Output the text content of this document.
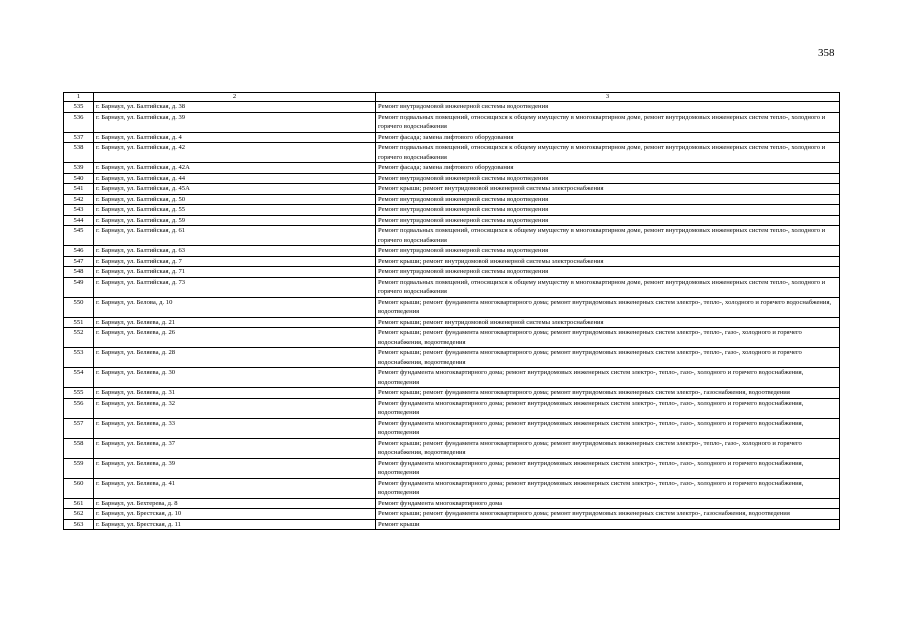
358
1	2	3
535	г. Барнаул, ул. Балтийская, д. 38	Ремонт внутридомовой инженерной системы водоотведения
536	г. Барнаул, ул. Балтийская, д. 39	Ремонт подвальных помещений, относящихся к общему имуществу в многоквартирном доме, ремонт внутридомовых инженерных систем тепло-, холодного и горячего водоснабжения
537	г. Барнаул, ул. Балтийская, д. 4	Ремонт фасада; замена лифтового оборудования
538	г. Барнаул, ул. Балтийская, д. 42	Ремонт подвальных помещений, относящихся к общему имуществу в многоквартирном доме, ремонт внутридомовых инженерных систем тепло-, холодного и горячего водоснабжения
539	г. Барнаул, ул. Балтийская, д. 42А	Ремонт фасада; замена лифтового оборудования
540	г. Барнаул, ул. Балтийская, д. 44	Ремонт внутридомовой инженерной системы водоотведения
541	г. Барнаул, ул. Балтийская, д. 45А	Ремонт крыши; ремонт внутридомовой инженерной системы электроснабжения
542	г. Барнаул, ул. Балтийская, д. 50	Ремонт внутридомовой инженерной системы водоотведения
543	г. Барнаул, ул. Балтийская, д. 55	Ремонт внутридомовой инженерной системы водоотведения
544	г. Барнаул, ул. Балтийская, д. 59	Ремонт внутридомовой инженерной системы водоотведения
545	г. Барнаул, ул. Балтийская, д. 61	Ремонт подвальных помещений, относящихся к общему имуществу в многоквартирном доме, ремонт внутридомовых инженерных систем тепло-, холодного и горячего водоснабжения
546	г. Барнаул, ул. Балтийская, д. 63	Ремонт внутридомовой инженерной системы водоотведения
547	г. Барнаул, ул. Балтийская, д. 7	Ремонт крыши; ремонт внутридомовой инженерной системы электроснабжения
548	г. Барнаул, ул. Балтийская, д. 71	Ремонт внутридомовой инженерной системы водоотведения
549	г. Барнаул, ул. Балтийская, д. 73	Ремонт подвальных помещений, относящихся к общему имуществу в многоквартирном доме, ремонт внутридомовых инженерных систем тепло-, холодного и горячего водоснабжения
550	г. Барнаул, ул. Белова, д. 10	Ремонт крыши; ремонт фундамента многоквартирного дома; ремонт внутридомовых инженерных систем электро-, тепло-, холодного и горячего водоснабжения, водоотведения
551	г. Барнаул, ул. Беляева, д. 21	Ремонт крыши; ремонт внутридомовой инженерной системы электроснабжения
552	г. Барнаул, ул. Беляева, д. 26	Ремонт крыши; ремонт фундамента многоквартирного дома; ремонт внутридомовых инженерных систем электро-, тепло-, газо-, холодного и горячего водоснабжения, водоотведения
553	г. Барнаул, ул. Беляева, д. 28	Ремонт крыши; ремонт фундамента многоквартирного дома; ремонт внутридомовых инженерных систем электро-, тепло-, газо-, холодного и горячего водоснабжения, водоотведения
554	г. Барнаул, ул. Беляева, д. 30	Ремонт фундамента многоквартирного дома; ремонт внутридомовых инженерных систем электро-, тепло-, газо-, холодного и горячего водоснабжения, водоотведения
555	г. Барнаул, ул. Беляева, д. 31	Ремонт крыши; ремонт фундамента многоквартирного дома; ремонт внутридомовых инженерных систем электро-, газоснабжения, водоотведения
556	г. Барнаул, ул. Беляева, д. 32	Ремонт фундамента многоквартирного дома; ремонт внутридомовых инженерных систем электро-, тепло-, газо-, холодного и горячего водоснабжения, водоотведения
557	г. Барнаул, ул. Беляева, д. 33	Ремонт фундамента многоквартирного дома; ремонт внутридомовых инженерных систем электро-, тепло-, газо-, холодного и горячего водоснабжения, водоотведения
558	г. Барнаул, ул. Беляева, д. 37	Ремонт крыши; ремонт фундамента многоквартирного дома; ремонт внутридомовых инженерных систем электро-, тепло-, газо-, холодного и горячего водоснабжения, водоотведения
559	г. Барнаул, ул. Беляева, д. 39	Ремонт фундамента многоквартирного дома; ремонт внутридомовых инженерных систем электро-, тепло-, газо-, холодного и горячего водоснабжения, водоотведения
560	г. Барнаул, ул. Беляева, д. 41	Ремонт фундамента многоквартирного дома; ремонт внутридомовых инженерных систем электро-, тепло-, газо-, холодного и горячего водоснабжения, водоотведения
561	г. Барнаул, ул. Бехтерева, д. 8	Ремонт фундамента многоквартирного дома
562	г. Барнаул, ул. Брестская, д. 10	Ремонт крыши; ремонт фундамента многоквартирного дома; ремонт внутридомовых инженерных систем электро-, газоснабжения, водоотведения
563	г. Барнаул, ул. Брестская, д. 11	Ремонт крыши
